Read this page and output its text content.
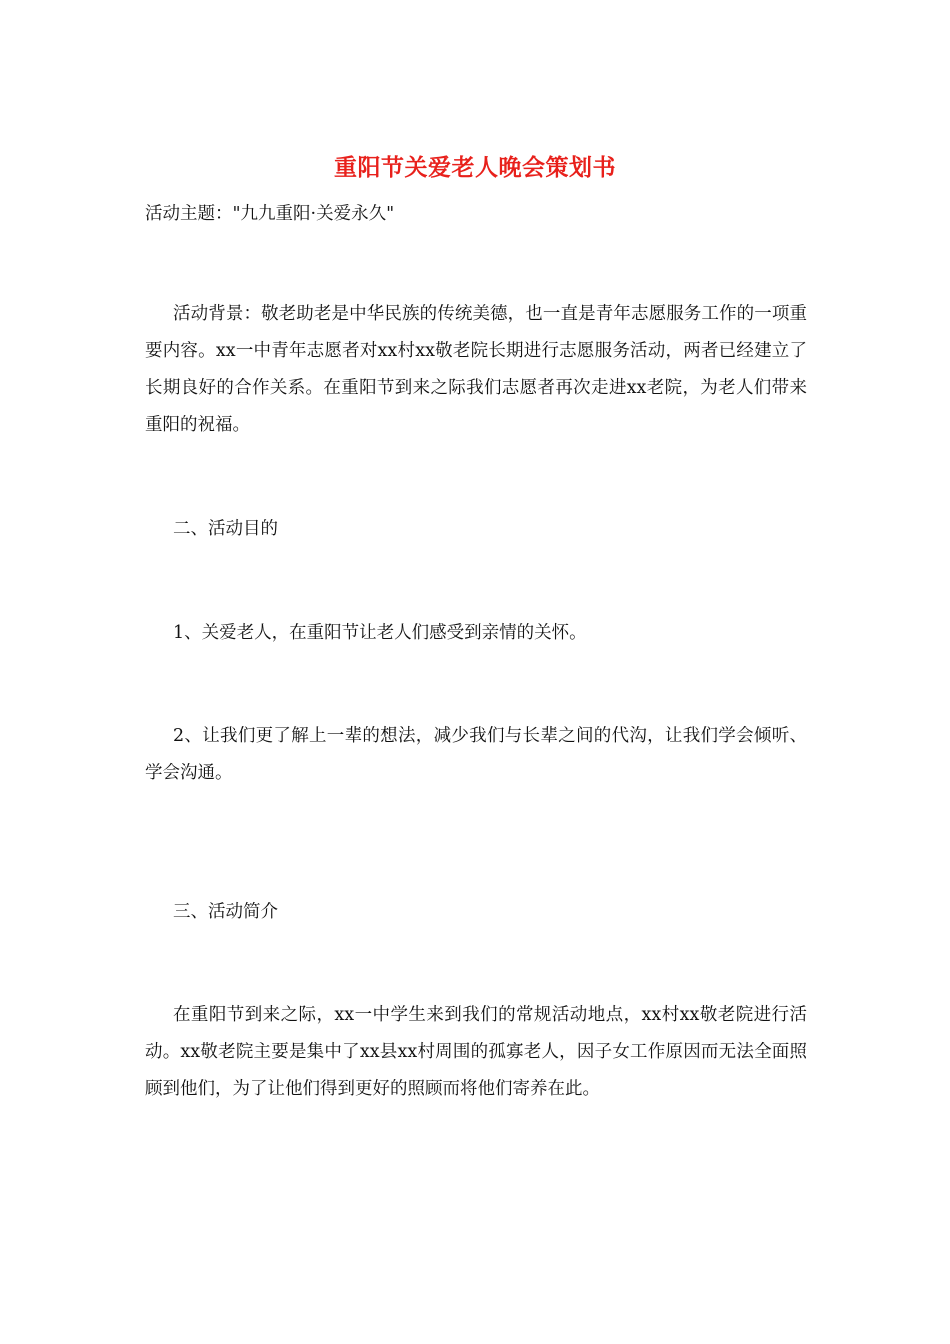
重阳节关爱老人晚会策划书

活动主题："九九重阳·关爱永久"

活动背景：敬老助老是中华民族的传统美德，也一直是青年志愿服务工作的一项重要内容。xx一中青年志愿者对xx村xx敬老院长期进行志愿服务活动，两者已经建立了长期良好的合作关系。在重阳节到来之际我们志愿者再次走进xx老院，为老人们带来重阳的祝福。

二、活动目的

1、关爱老人，在重阳节让老人们感受到亲情的关怀。

2、让我们更了解上一辈的想法，减少我们与长辈之间的代沟，让我们学会倾听、学会沟通。

三、活动简介

在重阳节到来之际，xx一中学生来到我们的常规活动地点，xx村xx敬老院进行活动。xx敬老院主要是集中了xx县xx村周围的孤寡老人，因子女工作原因而无法全面照顾到他们，为了让他们得到更好的照顾而将他们寄养在此。
